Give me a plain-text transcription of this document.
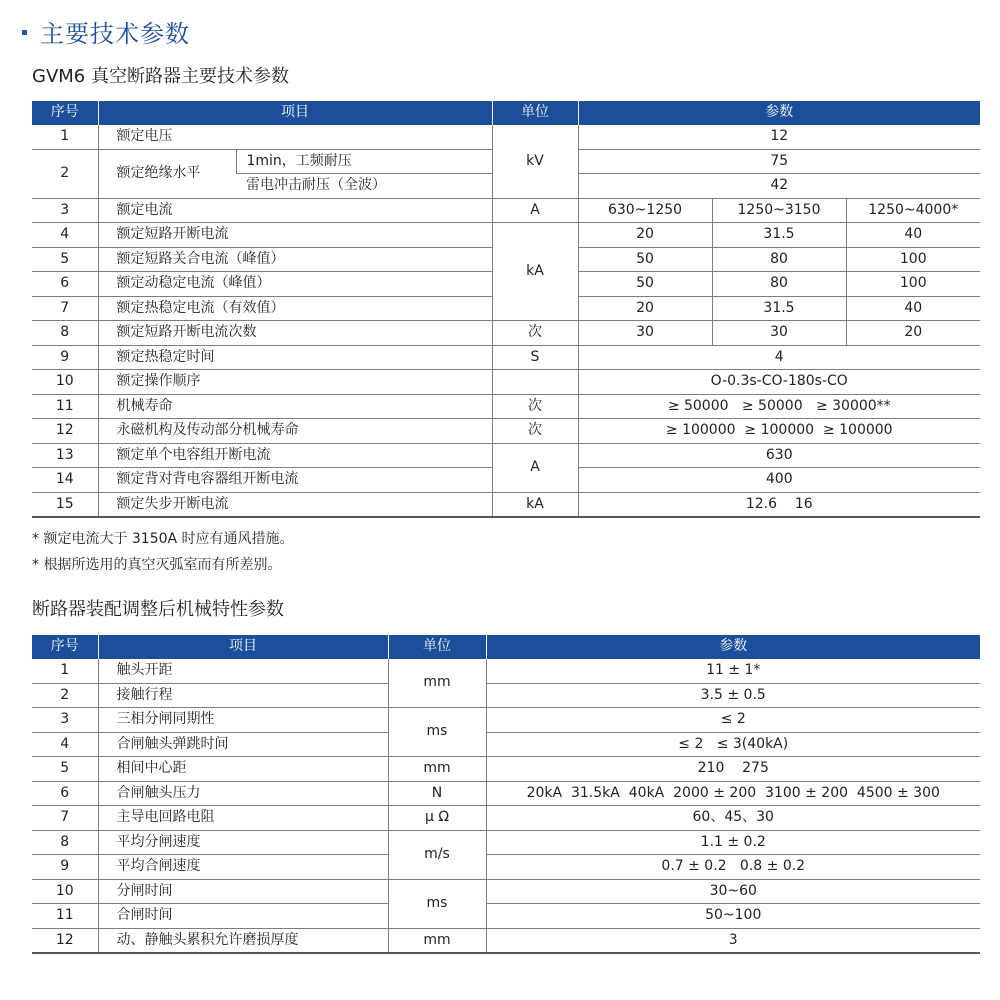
主要技术参数
GVM6 真空断路器主要技术参数
序号	项目		单位	参数		
1	额定电压		kV	12		
2	额定绝缘水平	1min，工频耐压		75		
		雷电冲击耐压（全波）		42		
3	额定电流		A	630~1250	1250~3150	1250~4000*
4	额定短路开断电流		kA	20	31.5	40
5	额定短路关合电流（峰值）			50	80	100
6	额定动稳定电流（峰值）			50	80	100
7	额定热稳定电流（有效值）			20	31.5	40
8	额定短路开断电流次数		次	30	30	20
9	额定热稳定时间		S	4		
10	额定操作顺序			O-0.3s-CO-180s-CO		
11	机械寿命		次	≥ 50000   ≥ 50000   ≥ 30000**		
12	永磁机构及传动部分机械寿命		次	≥ 100000  ≥ 100000  ≥ 100000		
13	额定单个电容组开断电流		A	630		
14	额定背对背电容器组开断电流			400		
15	额定失步开断电流		kA	12.6    16		
* 额定电流大于 3150A 时应有通风措施。
* 根据所选用的真空灭弧室而有所差别。
断路器装配调整后机械特性参数
序号	项目	单位	参数
1	触头开距	mm	11 ± 1*
2	接触行程		3.5 ± 0.5
3	三相分闸同期性	ms	≤ 2
4	合闸触头弹跳时间		≤ 2   ≤ 3(40kA)
5	相间中心距	mm	210    275
6	合闸触头压力	N	20kA  31.5kA  40kA  2000 ± 200  3100 ± 200  4500 ± 300
7	主导电回路电阻	μ Ω	60、45、30
8	平均分闸速度	m/s	1.1 ± 0.2
9	平均合闸速度		0.7 ± 0.2   0.8 ± 0.2
10	分闸时间	ms	30~60
11	合闸时间		50~100
12	动、静触头累积允许磨损厚度	mm	3
